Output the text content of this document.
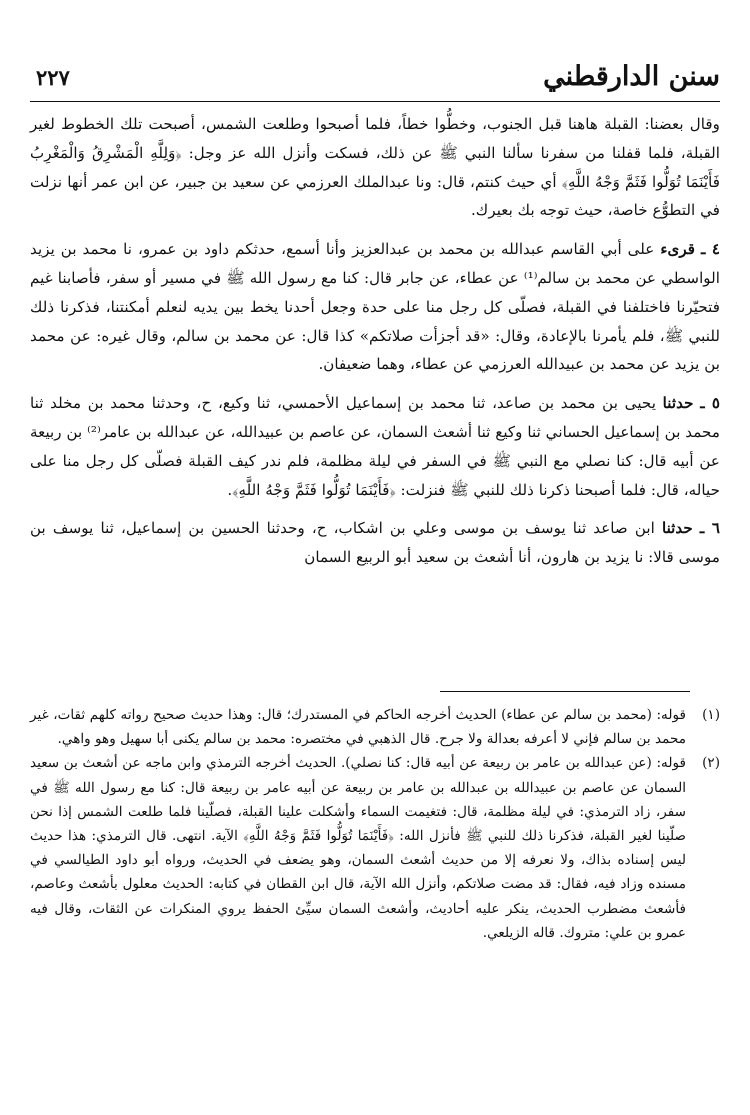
سنن الدارقطني
٢٢٧

وقال بعضنا: القبلة هاهنا قبل الجنوب، وخطُّوا خطاً، فلما أصبحوا وطلعت الشمس، أصبحت تلك الخطوط لغير القبلة، فلما قفلنا من سفرنا سألنا النبي ﷺ عن ذلك، فسكت وأنزل الله عز وجل: ﴿وَلِلَّهِ الْمَشْرِقُ وَالْمَغْرِبُ فَأَيْنَمَا تُوَلُّوا فَثَمَّ وَجْهُ اللَّهِ﴾ أي حيث كنتم، قال: ونا عبدالملك العرزمي عن سعيد بن جبير، عن ابن عمر أنها نزلت في التطوُّع خاصة، حيث توجه بك بعيرك.

٤ ـ قرىء على أبي القاسم عبدالله بن محمد بن عبدالعزيز وأنا أسمع، حدثكم داود بن عمرو، نا محمد بن يزيد الواسطي عن محمد بن سالم⁽¹⁾ عن عطاء، عن جابر قال: كنا مع رسول الله ﷺ في مسير أو سفر، فأصابنا غيم فتحيّرنا فاختلفنا في القبلة، فصلّى كل رجل منا على حدة وجعل أحدنا يخط بين يديه لنعلم أمكنتنا، فذكرنا ذلك للنبي ﷺ، فلم يأمرنا بالإعادة، وقال: «قد أجزأت صلاتكم» كذا قال: عن محمد بن سالم، وقال غيره: عن محمد بن يزيد عن محمد بن عبيدالله العرزمي عن عطاء، وهما ضعيفان.

٥ ـ حدثنا يحيى بن محمد بن صاعد، ثنا محمد بن إسماعيل الأحمسي، ثنا وكيع، ح، وحدثنا محمد بن مخلد ثنا محمد بن إسماعيل الحساني ثنا وكيع ثنا أشعث السمان، عن عاصم بن عبيدالله، عن عبدالله بن عامر⁽²⁾ بن ربيعة عن أبيه قال: كنا نصلي مع النبي ﷺ في السفر في ليلة مظلمة، فلم ندر كيف القبلة فصلّى كل رجل منا على حياله، قال: فلما أصبحنا ذكرنا ذلك للنبي ﷺ فنزلت: ﴿فَأَيْنَمَا تُوَلُّوا فَثَمَّ وَجْهُ اللَّهِ﴾.

٦ ـ حدثنا ابن صاعد ثنا يوسف بن موسى وعلي بن اشكاب، ح، وحدثنا الحسين بن إسماعيل، ثنا يوسف بن موسى قالا: نا يزيد بن هارون، أنا أشعث بن سعيد أبو الربيع السمان

(١)
قوله: (محمد بن سالم عن عطاء) الحديث أخرجه الحاكم في المستدرك؛ قال: وهذا حديث صحيح رواته كلهم ثقات، غير محمد بن سالم فإني لا أعرفه بعدالة ولا جرح. قال الذهبي في مختصره: محمد بن سالم يكنى أبا سهيل وهو واهي.

(٢)
قوله: (عن عبدالله بن عامر بن ربيعة عن أبيه قال: كنا نصلي). الحديث أخرجه الترمذي وابن ماجه عن أشعث بن سعيد السمان عن عاصم بن عبيدالله بن عبدالله بن عامر بن ربيعة عن أبيه عامر بن ربيعة قال: كنا مع رسول الله ﷺ في سفر، زاد الترمذي: في ليلة مظلمة، قال: فتغيمت السماء وأشكلت علينا القبلة، فصلّينا فلما طلعت الشمس إذا نحن صلّينا لغير القبلة، فذكرنا ذلك للنبي ﷺ فأنزل الله: ﴿فَأَيْنَمَا تُوَلُّوا فَثَمَّ وَجْهُ اللَّهِ﴾ الآية. انتهى. قال الترمذي: هذا حديث ليس إسناده بذاك، ولا نعرفه إلا من حديث أشعث السمان، وهو يضعف في الحديث، ورواه أبو داود الطيالسي في مسنده وزاد فيه، فقال: قد مضت صلاتكم، وأنزل الله الآية، قال ابن القطان في كتابه: الحديث معلول بأشعث وعاصم، فأشعث مضطرب الحديث، ينكر عليه أحاديث، وأشعث السمان سيِّئ الحفظ يروي المنكرات عن الثقات، وقال فيه عمرو بن علي: متروك. قاله الزيلعي.
